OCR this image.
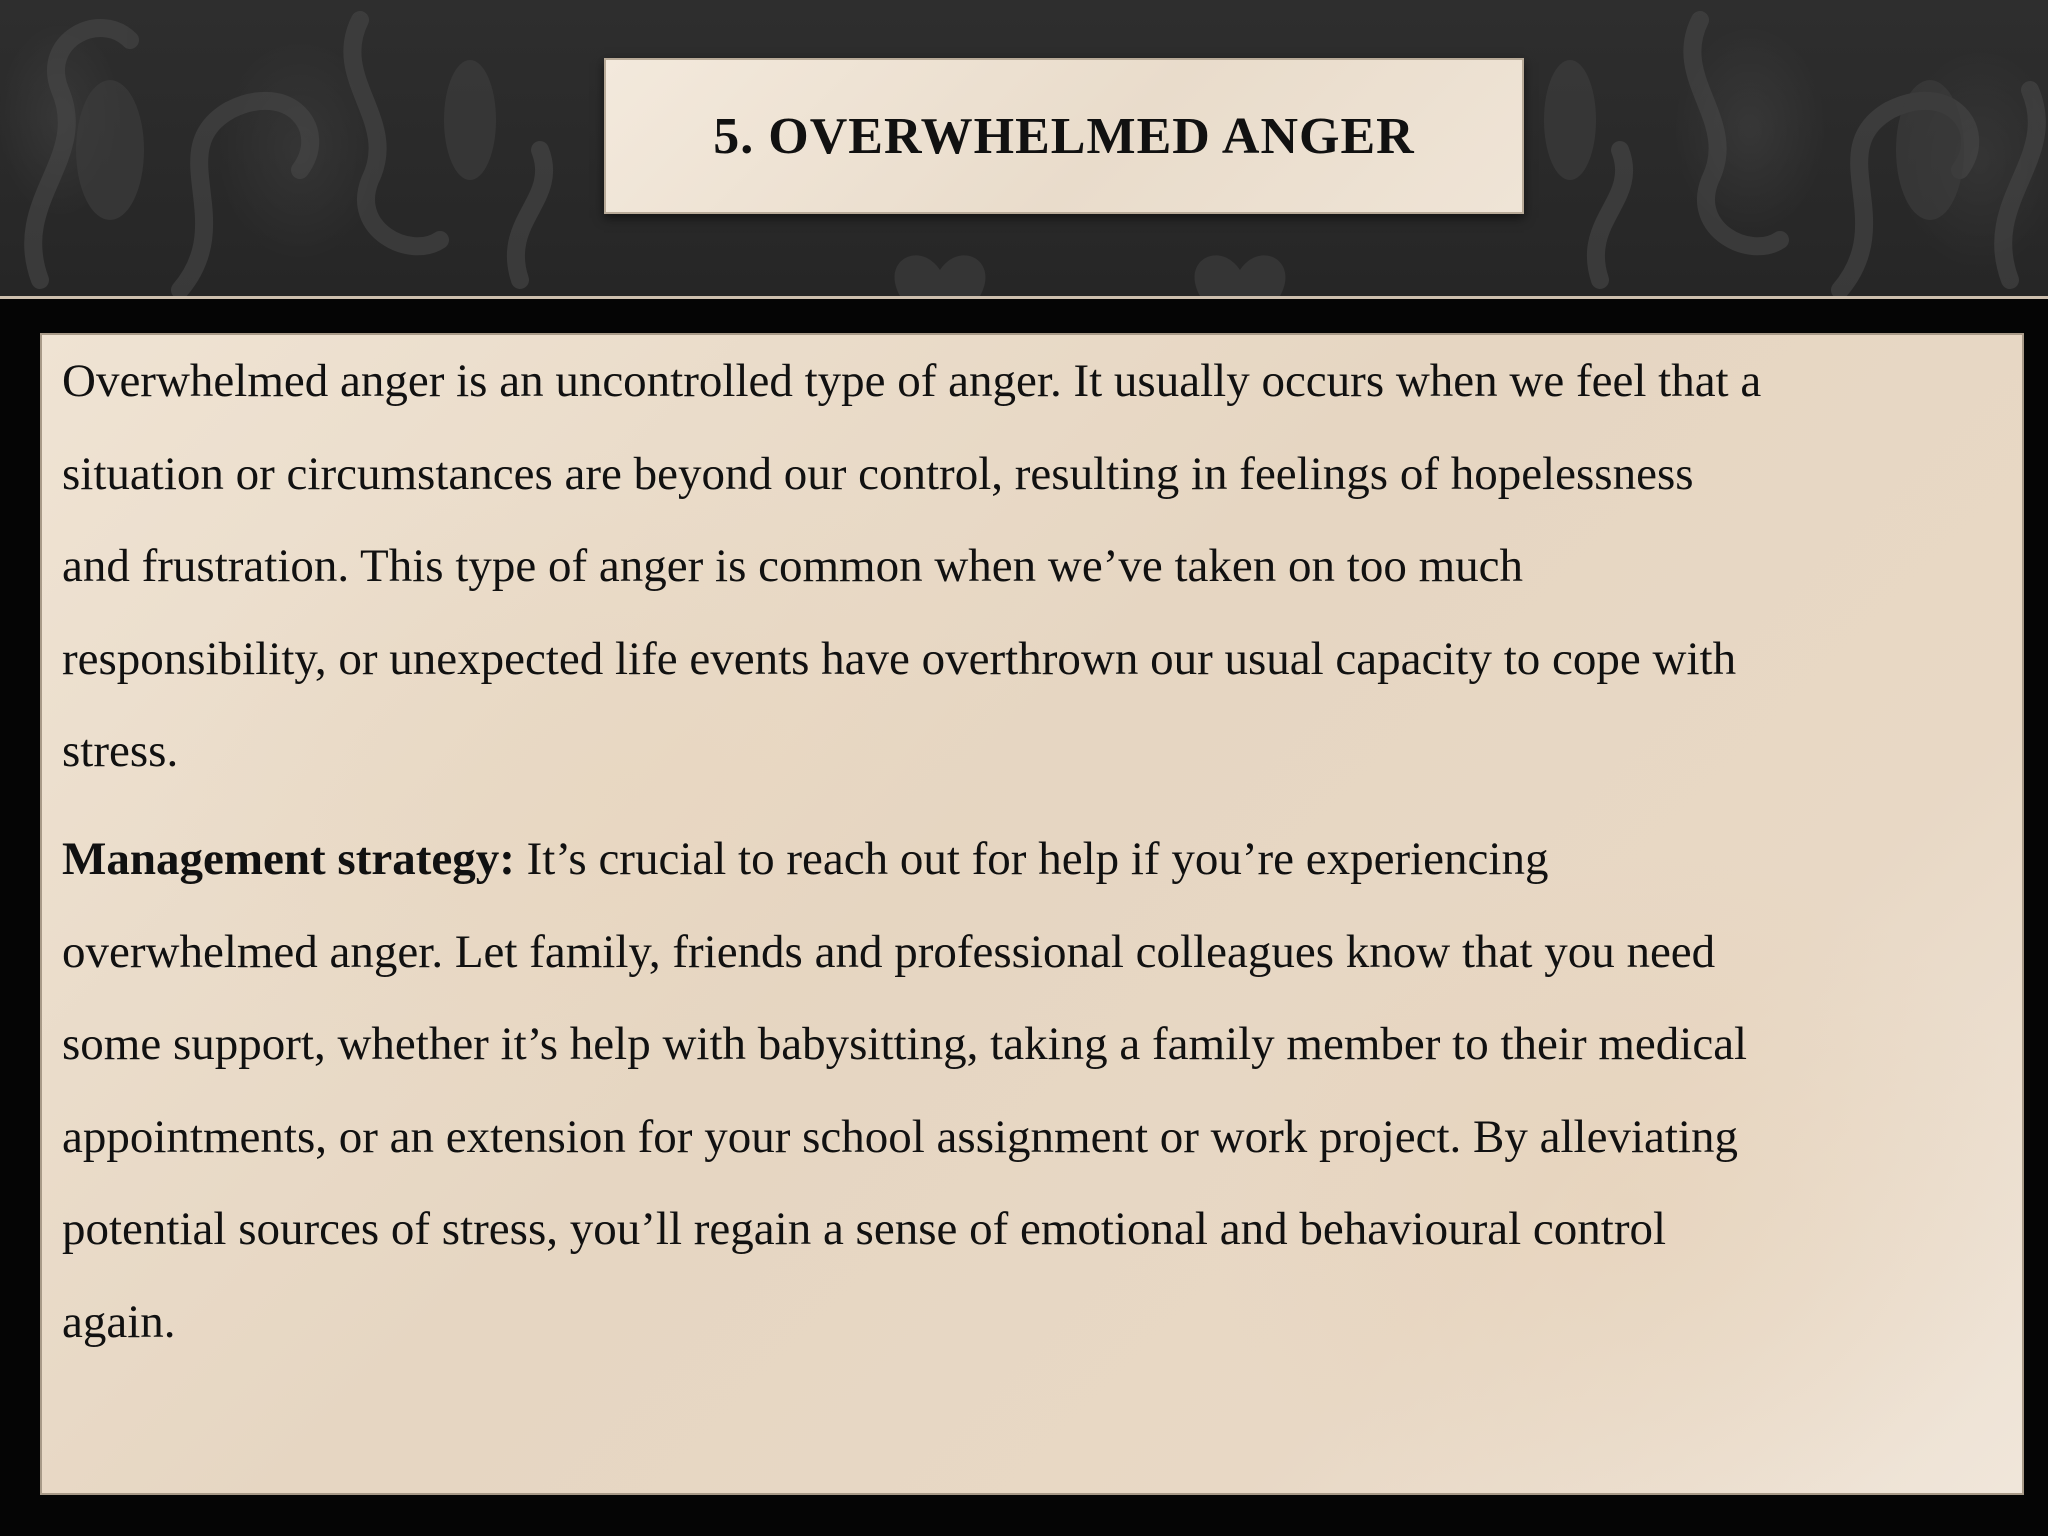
5. OVERWHELMED ANGER

Overwhelmed anger is an uncontrolled type of anger. It usually occurs when we feel that a
situation or circumstances are beyond our control, resulting in feelings of hopelessness
and frustration. This type of anger is common when we’ve taken on too much
responsibility, or unexpected life events have overthrown our usual capacity to cope with
stress.

Management strategy: It’s crucial to reach out for help if you’re experiencing
overwhelmed anger. Let family, friends and professional colleagues know that you need
some support, whether it’s help with babysitting, taking a family member to their medical
appointments, or an extension for your school assignment or work project. By alleviating
potential sources of stress, you’ll regain a sense of emotional and behavioural control
again.
